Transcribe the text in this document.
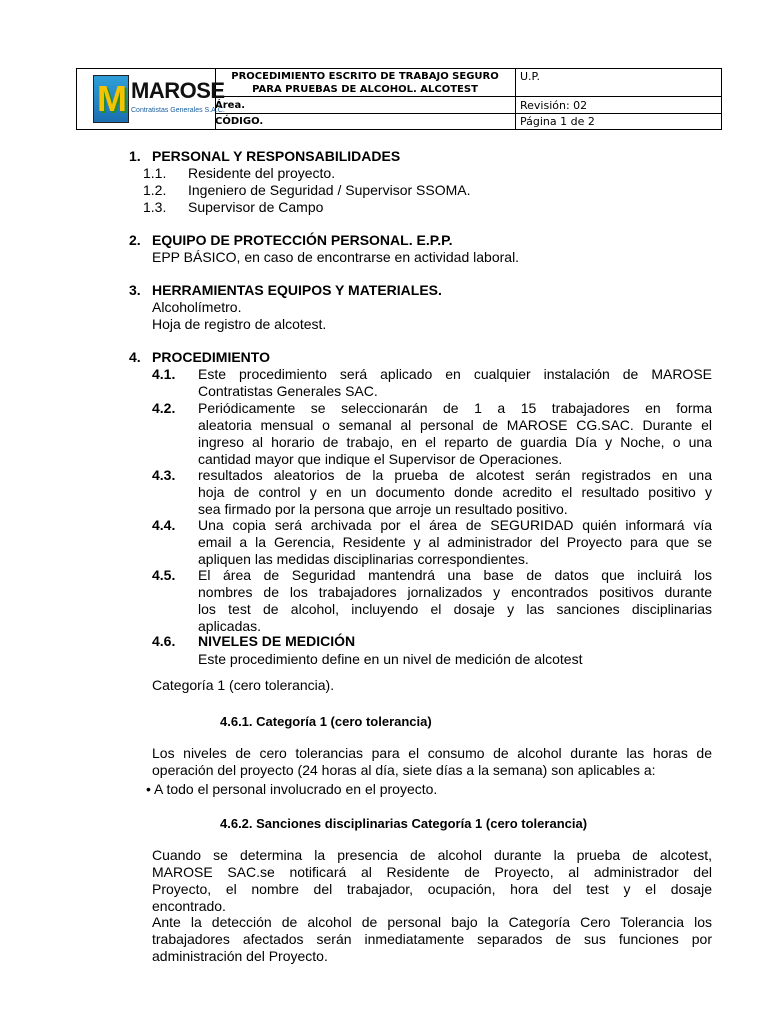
M MAROSE
Contratistas Generales S.A.C.
PROCEDIMIENTO ESCRITO DE TRABAJO SEGURO
PARA PRUEBAS DE ALCOHOL. ALCOTEST
U.P.
Área.	Revisión: 02
CÓDIGO.	Página 1 de 2
1. PERSONAL Y RESPONSABILIDADES
1.1. Residente del proyecto.
1.2. Ingeniero de Seguridad / Supervisor SSOMA.
1.3. Supervisor de Campo
2. EQUIPO DE PROTECCIÓN PERSONAL. E.P.P.
EPP BÁSICO, en caso de encontrarse en actividad laboral.
3. HERRAMIENTAS EQUIPOS Y MATERIALES.
Alcoholímetro.
Hoja de registro de alcotest.
4. PROCEDIMIENTO
4.1. Este procedimiento será aplicado en cualquier instalación de MAROSE
Contratistas Generales SAC.
4.2. Periódicamente se seleccionarán de 1 a 15 trabajadores en forma
aleatoria mensual o semanal al personal de MAROSE CG.SAC. Durante el
ingreso al horario de trabajo, en el reparto de guardia Día y Noche, o una
cantidad mayor que indique el Supervisor de Operaciones.
4.3. resultados aleatorios de la prueba de alcotest serán registrados en una
hoja de control y en un documento donde acredito el resultado positivo y
sea firmado por la persona que arroje un resultado positivo.
4.4. Una copia será archivada por el área de SEGURIDAD quién informará vía
email a la Gerencia, Residente y al administrador del Proyecto para que se
apliquen las medidas disciplinarias correspondientes.
4.5. El área de Seguridad mantendrá una base de datos que incluirá los
nombres de los trabajadores jornalizados y encontrados positivos durante
los test de alcohol, incluyendo el dosaje y las sanciones disciplinarias
aplicadas.
4.6. NIVELES DE MEDICIÓN
Este procedimiento define en un nivel de medición de alcotest
Categoría 1 (cero tolerancia).
4.6.1. Categoría 1 (cero tolerancia)
Los niveles de cero tolerancias para el consumo de alcohol durante las horas de
operación del proyecto (24 horas al día, siete días a la semana) son aplicables a:
• A todo el personal involucrado en el proyecto.
4.6.2. Sanciones disciplinarias Categoría 1 (cero tolerancia)
Cuando se determina la presencia de alcohol durante la prueba de alcotest,
MAROSE SAC.se notificará al Residente de Proyecto, al administrador del
Proyecto, el nombre del trabajador, ocupación, hora del test y el dosaje
encontrado.
Ante la detección de alcohol de personal bajo la Categoría Cero Tolerancia los
trabajadores afectados serán inmediatamente separados de sus funciones por
administración del Proyecto.
